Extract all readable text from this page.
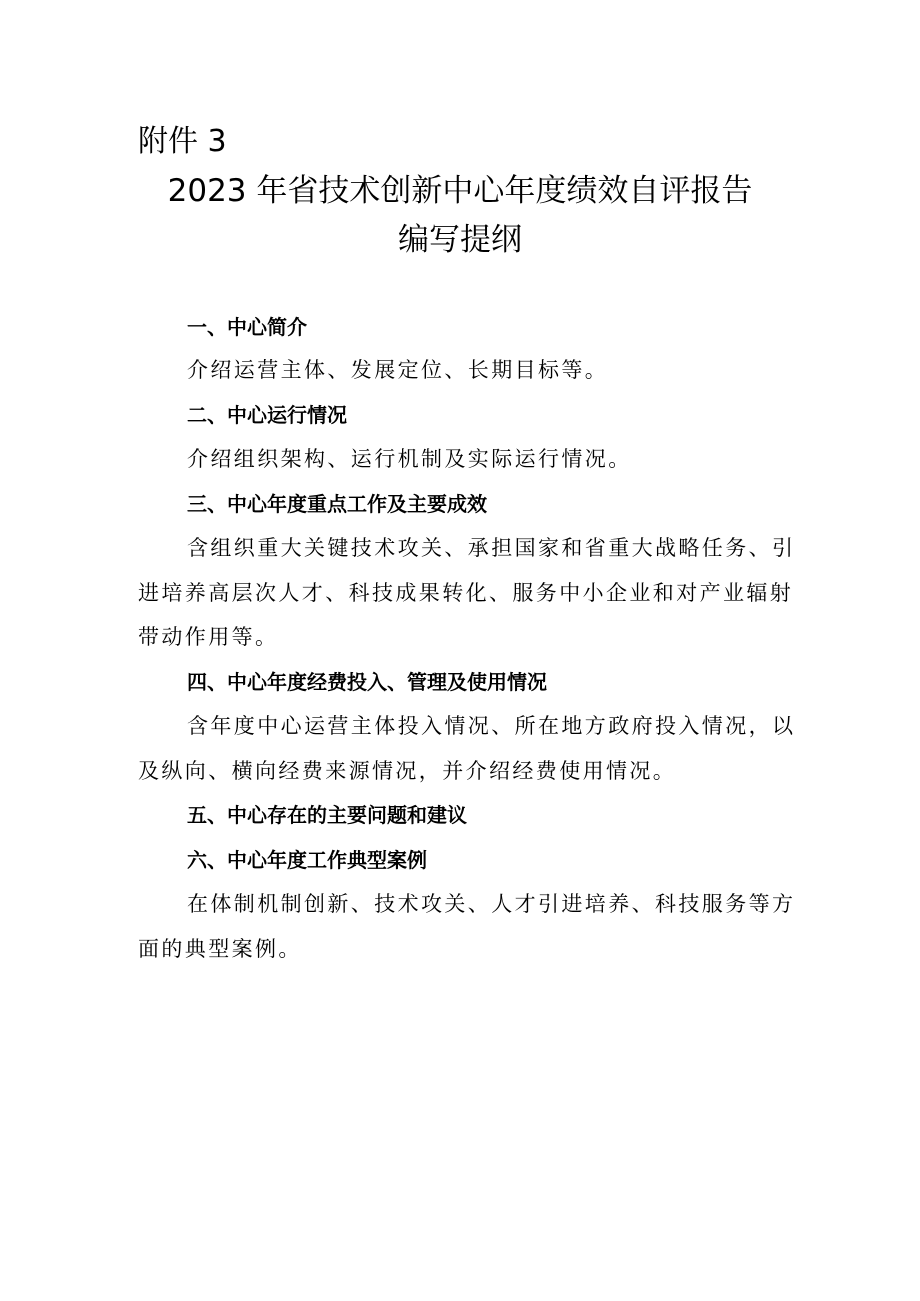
附件 3
2023 年省技术创新中心年度绩效自评报告
编写提纲
一、中心简介
介绍运营主体、发展定位、长期目标等。
二、中心运行情况
介绍组织架构、运行机制及实际运行情况。
三、中心年度重点工作及主要成效
含组织重大关键技术攻关、承担国家和省重大战略任务、引
进培养高层次人才、科技成果转化、服务中小企业和对产业辐射
带动作用等。
四、中心年度经费投入、管理及使用情况
含年度中心运营主体投入情况、所在地方政府投入情况，以
及纵向、横向经费来源情况，并介绍经费使用情况。
五、中心存在的主要问题和建议
六、中心年度工作典型案例
在体制机制创新、技术攻关、人才引进培养、科技服务等方
面的典型案例。
